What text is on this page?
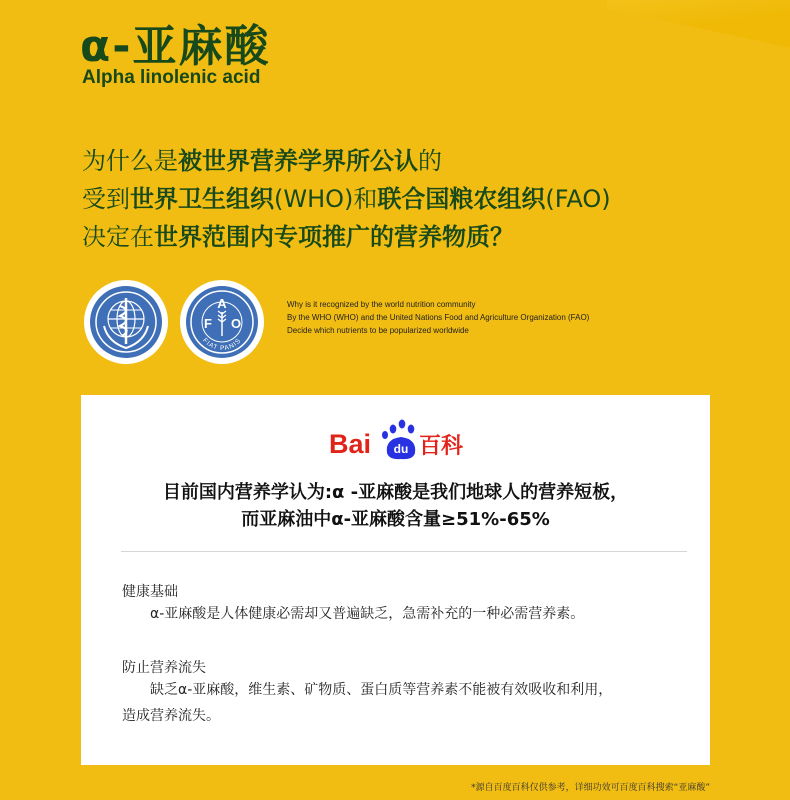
α-亚麻酸

Alpha linolenic acid

为什么是被世界营养学界所公认的
受到世界卫生组织(WHO)和联合国粮农组织(FAO)
决定在世界范围内专项推广的营养物质？
A
F O
FIAT PANIS
Why is it recognized by the world nutrition community
By the WHO (WHO) and the United Nations Food and Agriculture Organization (FAO)
Decide which nutrients to be popularized worldwide
Bai du 百科
目前国内营养学认为:α -亚麻酸是我们地球人的营养短板，
而亚麻油中α-亚麻酸含量≥51%-65%
健康基础
α-亚麻酸是人体健康必需却又普遍缺乏，急需补充的一种必需营养素。
防止营养流失
缺乏α-亚麻酸，维生素、矿物质、蛋白质等营养素不能被有效吸收和利用，
造成营养流失。
*源自百度百科仅供参考，详细功效可百度百科搜索“亚麻酸”
